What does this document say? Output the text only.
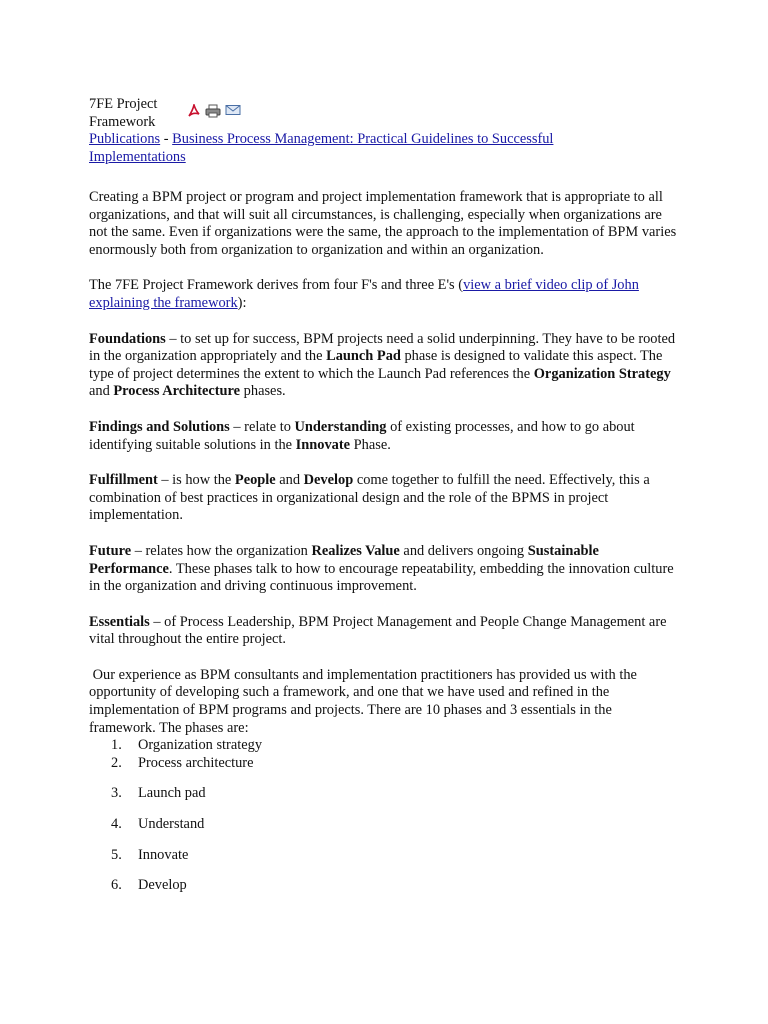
7FE Project
Framework
Publications - Business Process Management: Practical Guidelines to Successful
Implementations

Creating a BPM project or program and project implementation framework that is appropriate to all organizations, and that will suit all circumstances, is challenging, especially when organizations are not the same. Even if organizations were the same, the approach to the implementation of BPM varies enormously both from organization to organization and within an organization.

The 7FE Project Framework derives from four F's and three E's (view a brief video clip of John explaining the framework):

Foundations – to set up for success, BPM projects need a solid underpinning. They have to be rooted in the organization appropriately and the Launch Pad phase is designed to validate this aspect. The type of project determines the extent to which the Launch Pad references the Organization Strategy and Process Architecture phases.

Findings and Solutions – relate to Understanding of existing processes, and how to go about identifying suitable solutions in the Innovate Phase.

Fulfillment – is how the People and Develop come together to fulfill the need. Effectively, this a combination of best practices in organizational design and the role of the BPMS in project implementation.

Future – relates how the organization Realizes Value and delivers ongoing Sustainable Performance. These phases talk to how to encourage repeatability, embedding the innovation culture in the organization and driving continuous improvement.

Essentials – of Process Leadership, BPM Project Management and People Change Management are vital throughout the entire project.

Our experience as BPM consultants and implementation practitioners has provided us with the opportunity of developing such a framework, and one that we have used and refined in the implementation of BPM programs and projects. There are 10 phases and 3 essentials in the framework. The phases are:

1.	Organization strategy
2.	Process architecture
3.	Launch pad
4.	Understand
5.	Innovate
6.	Develop
